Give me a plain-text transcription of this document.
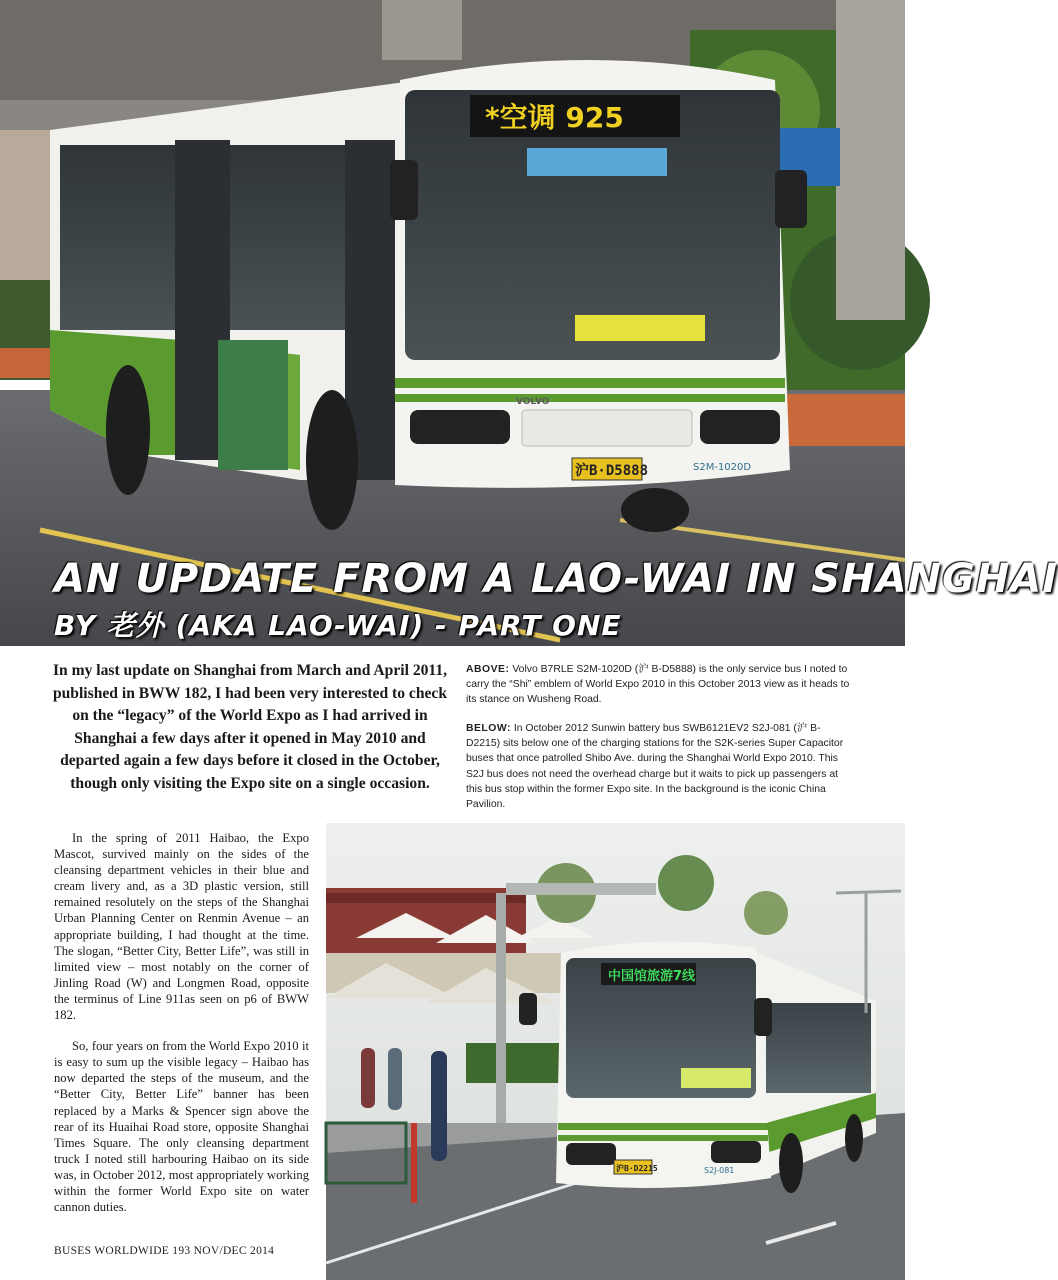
*空调 925
VOLVO
沪B·D5888	S2M-1020D
AN UPDATE FROM A LAO-WAI IN SHANGHAI
BY 老外 (AKA LAO-WAI) - PART ONE
In my last update on Shanghai from March and April 2011, published in BWW 182, I had been very interested to check on the “legacy” of the World Expo as I had arrived in Shanghai a few days after it opened in May 2010 and departed again a few days before it closed in the October, though only visiting the Expo site on a single occasion.

ABOVE: Volvo B7RLE S2M-1020D (沪 B-D5888) is the only service bus I noted to carry the “Shi” emblem of World Expo 2010 in this October 2013 view as it heads to its stance on Wusheng Road.

BELOW: In October 2012 Sunwin battery bus SWB6121EV2 S2J-081 (沪 B-D2215) sits below one of the charging stations for the S2K-series Super Capacitor buses that once patrolled Shibo Ave. during the Shanghai World Expo 2010. This S2J bus does not need the overhead charge but it waits to pick up passengers at this bus stop within the former Expo site. In the background is the iconic China Pavilion.

In the spring of 2011 Haibao, the Expo Mascot, survived mainly on the sides of the cleansing department vehicles in their blue and cream livery and, as a 3D plastic version, still remained resolutely on the steps of the Shanghai Urban Planning Center on Renmin Avenue – an appropriate building, I had thought at the time. The slogan, “Better City, Better Life”, was still in limited view – most notably on the corner of Jinling Road (W) and Longmen Road, opposite the terminus of Line 911as seen on p6 of BWW 182.

So, four years on from the World Expo 2010 it is easy to sum up the visible legacy – Haibao has now departed the steps of the museum, and the “Better City, Better Life” banner has been replaced by a Marks & Spencer sign above the rear of its Huaihai Road store, opposite Shanghai Times Square. The only cleansing department truck I noted still harbouring Haibao on its side was, in October 2012, most appropriately working within the former World Expo site on water cannon duties.

BUSES WORLDWIDE 193 NOV/DEC 2014
中国馆旅游7线
沪B·D2215	S2J-081
